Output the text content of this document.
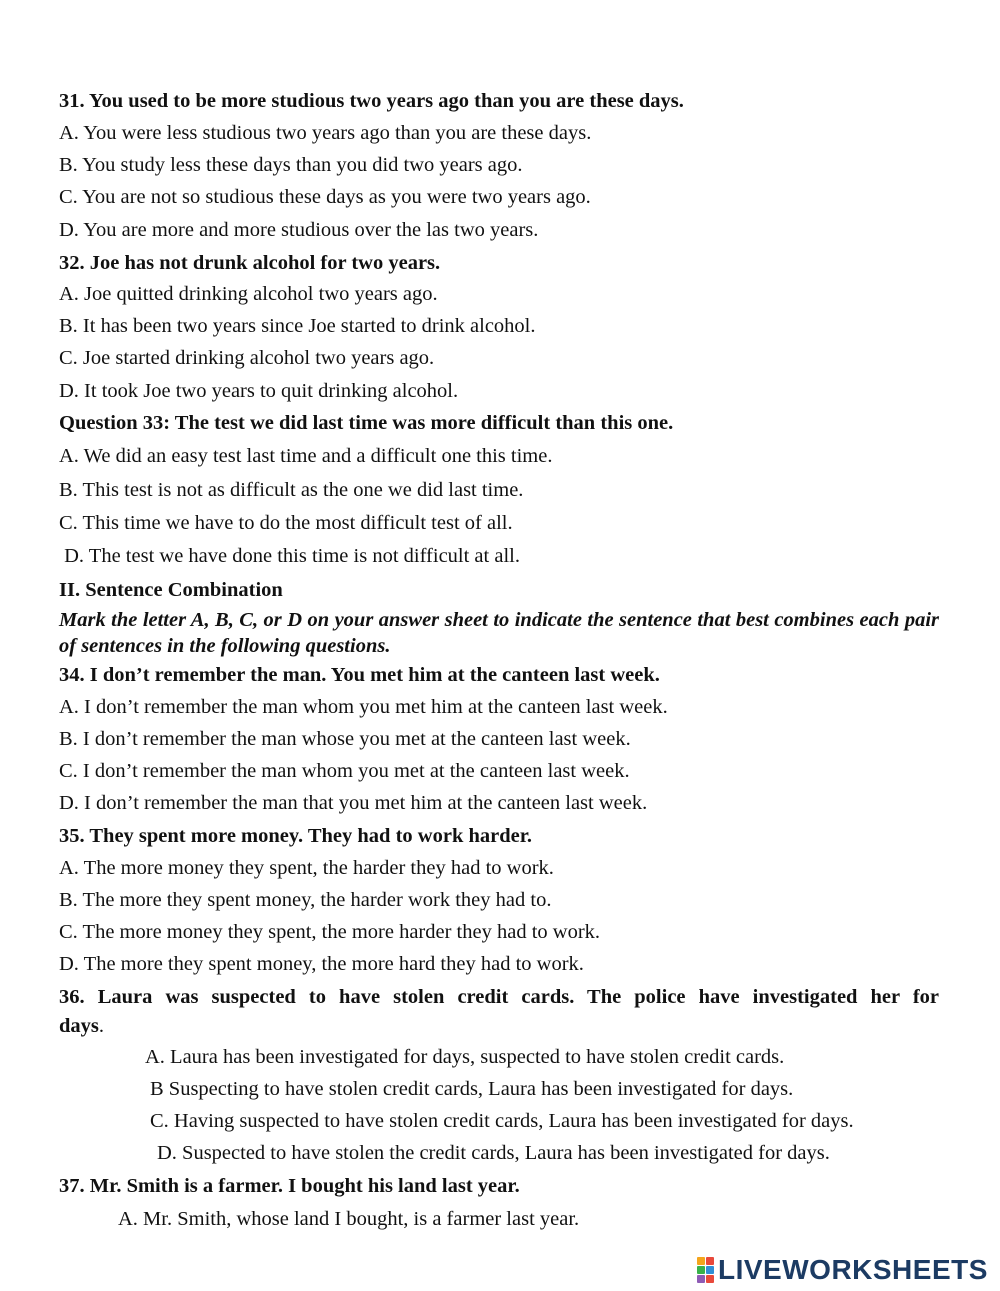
31. You used to be more studious two years ago than you are these days.
A. You were less studious two years ago than you are these days.
B. You study less these days than you did two years ago.
C. You are not so studious these days as you were two years ago.
D. You are more and more studious over the las two years.
32. Joe has not drunk alcohol for two years.
A. Joe quitted drinking alcohol two years ago.
B. It has been two years since Joe started to drink alcohol.
C. Joe started drinking alcohol two years ago.
D. It took Joe two years to quit drinking alcohol.
Question 33: The test we did last time was more difficult than this one.
A. We did an easy test last time and a difficult one this time.
B. This test is not as difficult as the one we did last time.
C. This time we have to do the most difficult test of all.
D. The test we have done this time is not difficult at all.
II. Sentence Combination
Mark the letter A, B, C, or D on your answer sheet to indicate the sentence that best combines each pair of sentences in the following questions.
34. I don’t remember the man. You met him at the canteen last week.
A. I don’t remember the man whom you met him at the canteen last week.
B. I don’t remember the man whose you met at the canteen last week.
C. I don’t remember the man whom you met at the canteen last week.
D. I don’t remember the man that you met him at the canteen last week.
35. They spent more money. They had to work harder.
A. The more money they spent, the harder they had to work.
B. The more they spent money, the harder work they had to.
C. The more money they spent, the more harder they had to work.
D. The more they spent money, the more hard they had to work.
36. Laura was suspected to have stolen credit cards. The police have investigated her for
days.
A. Laura has been investigated for days, suspected to have stolen credit cards.
B Suspecting to have stolen credit cards, Laura has been investigated for days.
C. Having suspected to have stolen credit cards, Laura has been investigated for days.
D. Suspected to have stolen the credit cards, Laura has been investigated for days.
37. Mr. Smith is a farmer. I bought his land last year.
A. Mr. Smith, whose land I bought, is a farmer last year.
LIVEWORKSHEETS
